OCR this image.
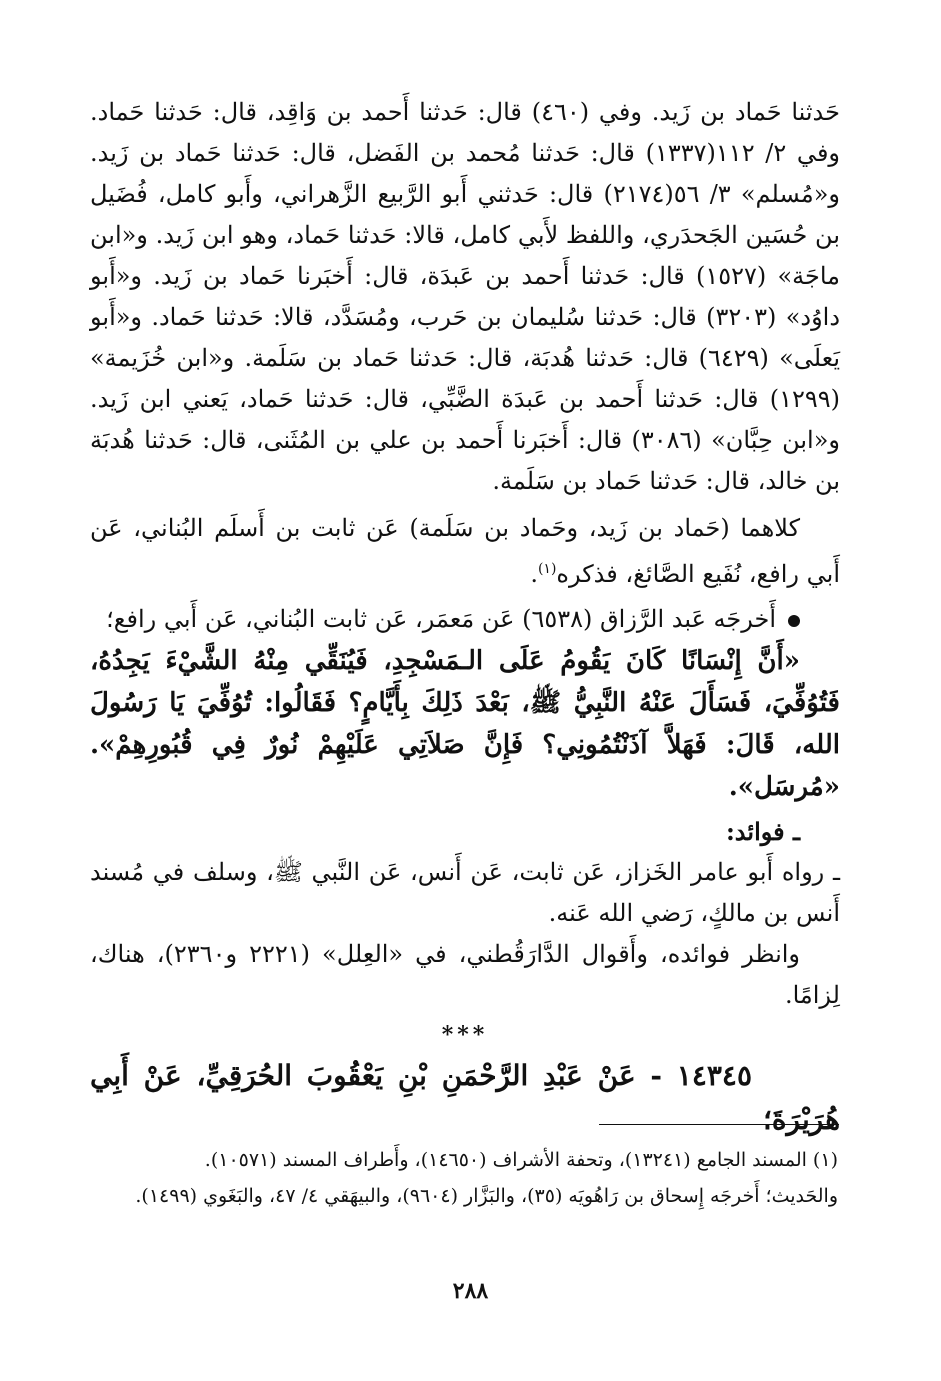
حَدثنا حَماد بن زَيد. وفي (٤٦٠) قال: حَدثنا أَحمد بن وَاقِد، قال: حَدثنا حَماد. وفي ٢/ ١١٢(١٣٣٧) قال: حَدثنا مُحمد بن الفَضل، قال: حَدثنا حَماد بن زَيد. و«مُسلم» ٣/ ٥٦(٢١٧٤) قال: حَدثني أَبو الرَّبيع الزَّهراني، وأَبو كامل، فُضَيل بن حُسَين الجَحدَري، واللفظ لأَبي كامل، قالا: حَدثنا حَماد، وهو ابن زَيد. و«ابن ماجَة» (١٥٢٧) قال: حَدثنا أَحمد بن عَبدَة، قال: أَخبَرنا حَماد بن زَيد. و«أَبو داوُد» (٣٢٠٣) قال: حَدثنا سُليمان بن حَرب، ومُسَدَّد، قالا: حَدثنا حَماد. و«أَبو يَعلَى» (٦٤٢٩) قال: حَدثنا هُدبَة، قال: حَدثنا حَماد بن سَلَمة. و«ابن خُزَيمة» (١٢٩٩) قال: حَدثنا أَحمد بن عَبدَة الضَّبِّي، قال: حَدثنا حَماد، يَعني ابن زَيد. و«ابن حِبَّان» (٣٠٨٦) قال: أَخبَرنا أَحمد بن علي بن المُثَنى، قال: حَدثنا هُدبَة بن خالد، قال: حَدثنا حَماد بن سَلَمة.

كلاهما (حَماد بن زَيد، وحَماد بن سَلَمة) عَن ثابت بن أَسلَم البُناني، عَن أَبي رافع، نُفَيع الصَّائغ، فذكره$^{(١)}$.

أَخرجَه عَبد الرَّزاق (٦٥٣٨) عَن مَعمَر، عَن ثابت البُناني، عَن أَبي رافع؛

«أَنَّ إِنْسَانًا كَانَ يَقُومُ عَلَى الـمَسْجِدِ، فَيُنَقِّي مِنْهُ الشَّيْءَ يَجِدُهُ، فَتُوُفِّيَ، فَسَأَلَ عَنْهُ النَّبِيُّ ﷺ، بَعْدَ ذَلِكَ بِأَيَّامٍ؟ فَقَالُوا: تُوُفِّيَ يَا رَسُولَ الله، قَالَ: فَهَلاَّ آذَنْتُمُونِي؟ فَإِنَّ صَلاَتِي عَلَيْهِمْ نُورٌ فِي قُبُورِهِمْ». «مُرسَل».

ـ فوائد:

ـ رواه أَبو عامر الخَزاز، عَن ثابت، عَن أَنس، عَن النَّبي ﷺ، وسلف في مُسند أَنس بن مالكٍ، رَضي الله عَنه.

وانظر فوائده، وأَقوال الدَّارَقُطني، في «العِلل» (٢٢٢١ و٢٣٦٠)، هناك، لِزامًا.

***

١٤٣٤٥ - عَنْ عَبْدِ الرَّحْمَنِ بْنِ يَعْقُوبَ الحُرَقِيِّ، عَنْ أَبِي هُرَيْرَةَ؛

(١) المسند الجامع (١٣٢٤١)، وتحفة الأشراف (١٤٦٥٠)، وأَطراف المسند (١٠٥٧١).

والحَديث؛ أَخرجَه إِسحاق بن رَاهُويَه (٣٥)، والبَزَّار (٩٦٠٤)، والبيهَقي ٤/ ٤٧، والبَغَوي (١٤٩٩).

٢٨٨
